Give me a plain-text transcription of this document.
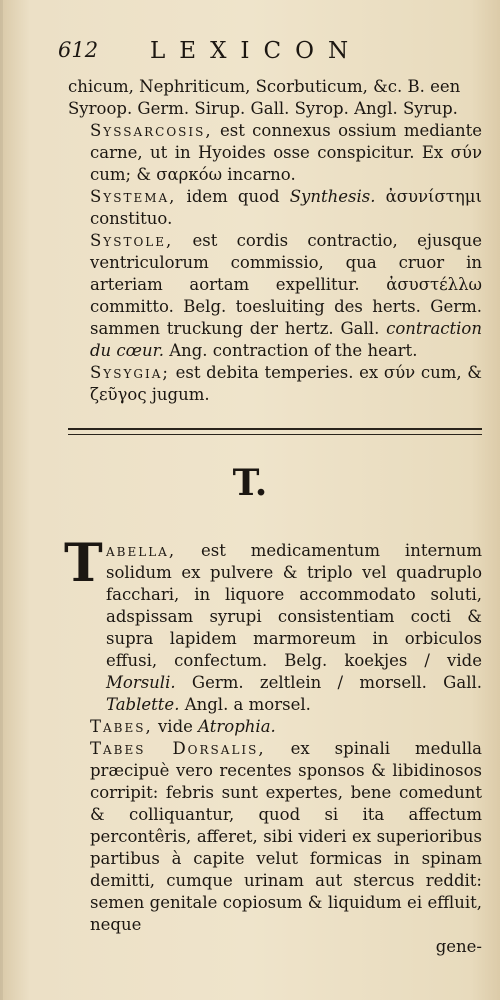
612 LEXICON

chicum, Nephriticum, Scorbuticum, &c. B. een
Syroop. Germ. Sirup. Gall. Syrop. Angl. Syrup.

Syssarcosis, est connexus ossium mediante carne, ut in Hyoides osse conspicitur. Ex σύν cum; & σαρκόω incarno.

Systema, idem quod Synthesis. ἀσυνίστημι constituo.

Systole, est cordis contractio, ejusque ventriculorum commissio, qua cruor in arteriam aortam expellitur. ἀσυστέλλω committo. Belg. toesluiting des herts. Germ. sammen truckung der hertz. Gall. contraction du cœur. Ang. contraction of the heart.

Sysygia; est debita temperies. ex σύν cum, & ζεῦγος jugum.

T.
T abella, est medicamentum internum solidum ex pulvere & triplo vel quadruplo facchari, in liquore accommodato soluti, adspissam syrupi consistentiam cocti & supra lapidem marmoreum in orbiculos effusi, confectum. Belg. koekjes / vide Morsuli. Germ. zeltlein / morsell. Gall. Tablette. Angl. a morsel.

Tabes, vide Atrophia.

Tabes Dorsalis, ex spinali medulla præcipuè vero recentes sponsos & libidinosos corripit: febris sunt expertes, bene comedunt & colliquantur, quod si ita affectum percontêris, afferet, sibi videri ex superioribus partibus à capite velut formicas in spinam demitti, cumque urinam aut stercus reddit: semen genitale copiosum & liquidum ei effluit, neque

gene-
